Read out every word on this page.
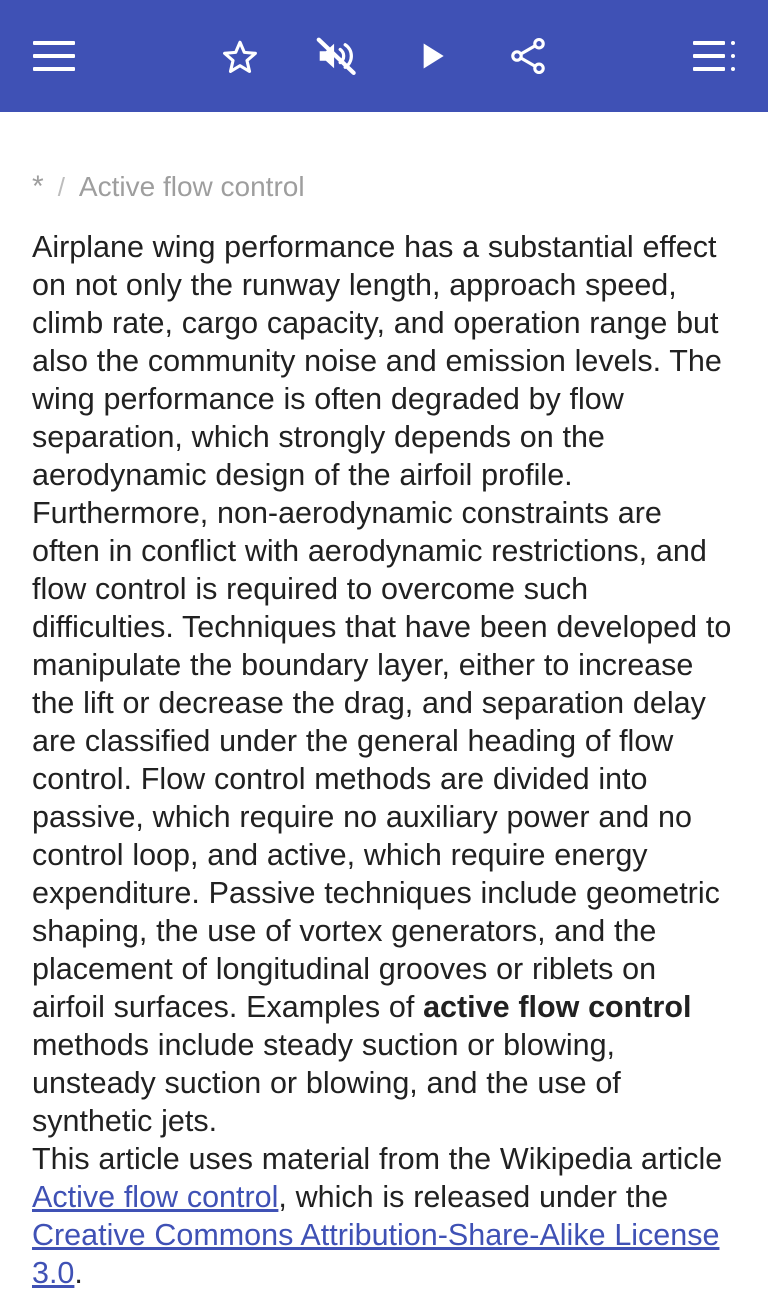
* / Active flow control

Airplane wing performance has a substantial effect on not only the runway length, approach speed, climb rate, cargo capacity, and operation range but also the community noise and emission levels. The wing performance is often degraded by flow separation, which strongly depends on the aerodynamic design of the airfoil profile. Furthermore, non-aerodynamic constraints are often in conflict with aerodynamic restrictions, and flow control is required to overcome such difficulties. Techniques that have been developed to manipulate the boundary layer, either to increase the lift or decrease the drag, and separation delay are classified under the general heading of flow control. Flow control methods are divided into passive, which require no auxiliary power and no control loop, and active, which require energy expenditure. Passive techniques include geometric shaping, the use of vortex generators, and the placement of longitudinal grooves or riblets on airfoil surfaces. Examples of active flow control methods include steady suction or blowing, unsteady suction or blowing, and the use of synthetic jets.

This article uses material from the Wikipedia article Active flow control, which is released under the Creative Commons Attribution-Share-Alike License 3.0.
